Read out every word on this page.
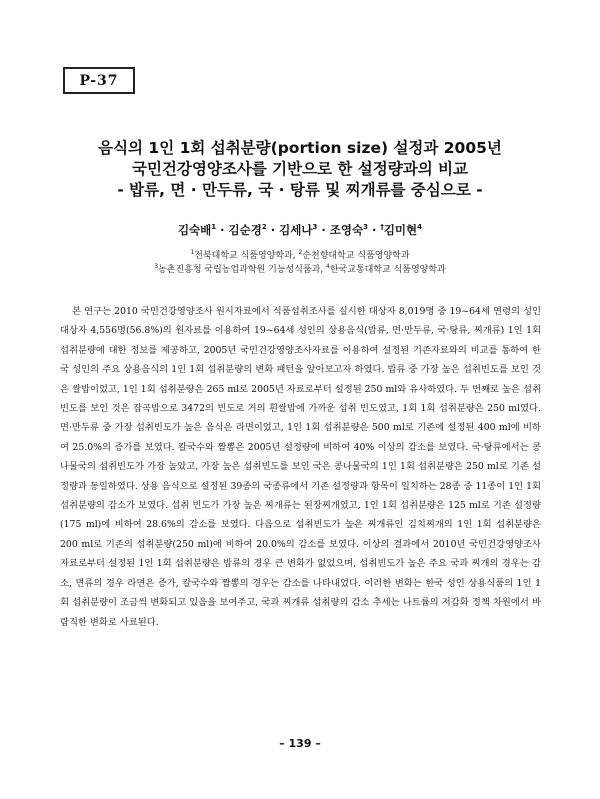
P-37
음식의 1인 1회 섭취분량(portion size) 설정과 2005년
국민건강영양조사를 기반으로 한 설정량과의 비교
- 밥류, 면 · 만두류, 국 · 탕류 및 찌개류를 중심으로 -
김숙배$^1$ · 김순경$^2$ · 김세나$^3$ · 조영숙$^3$ · †김미현$^4$
$^1$전북대학교 식품영양학과, $^2$순천향대학교 식품영양학과
$^3$농촌진흥청 국립농업과학원 기능성식품과, $^4$한국교통대학교 식품영양학과

본 연구는 2010 국민건강영양조사 원시자료에서 식품섭취조사를 실시한 대상자 8,019명 중 19~64세 연령의 성인 대상자 4,556명(56.8%)의 원자료를 이용하여 19~64세 성인의 상용음식(밥류, 면·만두류, 국·탕류, 찌개류) 1인 1회 섭취분량에 대한 정보를 제공하고, 2005년 국민건강영양조사자료를 이용하여 설정된 기존자료와의 비교를 통하여 한국 성인의 주요 상용음식의 1인 1회 섭취분량의 변화 패턴을 알아보고자 하였다. 밥류 중 가장 높은 섭취빈도를 보인 것은 쌀밥이었고, 1인 1회 섭취분량은 265 ml로 2005년 자료로부터 설정된 250 ml와 유사하였다. 두 번째로 높은 섭취 빈도를 보인 것은 잡곡밥으로 3472의 빈도로 거의 흰쌀밥에 가까운 섭취 빈도였고, 1회 1회 섭취분량은 250 ml였다. 면·만두류 중 가장 섭취빈도가 높은 음식은 라면이었고, 1인 1회 섭취분량은 500 ml로 기존에 설정된 400 ml에 비하여 25.0%의 증가를 보였다. 칼국수와 짬뽕은 2005년 설정량에 비하여 40% 이상의 감소를 보였다. 국·탕류에서는 콩나물국의 섭취빈도가 가장 높았고, 가장 높은 섭취빈도를 보인 국은 콩나물국의 1인 1회 섭취분량은 250 ml로 기존 설정량과 동일하였다. 상용 음식으로 설정된 39종의 국종류에서 기존 설정량과 항목이 일치하는 28종 중 11종이 1인 1회 섭취분량의 감소가 보였다. 섭취 빈도가 가장 높은 찌개류는 된장찌개였고, 1인 1회 섭취분량은 125 ml로 기존 설정량(175 ml)에 비하여 28.6%의 감소를 보였다. 다음으로 섭취빈도가 높은 찌개류인 김치찌개의 1인 1회 섭취분량은 200 ml로 기존의 섭취분량(250 ml)에 비하여 20.0%의 감소를 보였다. 이상의 결과에서 2010년 국민건강영양조사 자료로부터 설정된 1인 1회 섭취분량은 밥류의 경우 큰 변화가 없었으며, 섭취빈도가 높은 주요 국과 찌개의 경우는 감소, 면류의 경우 라면은 증가, 칼국수와 짬뽕의 경우는 감소를 나타내었다. 이러한 변화는 한국 성인 상용식품의 1인 1회 섭취분량이 조금씩 변화되고 있음을 보여주고, 국과 찌개류 섭취량의 감소 추세는 나트륨의 저감화 정책 차원에서 바람직한 변화로 사료된다.

– 139 –
